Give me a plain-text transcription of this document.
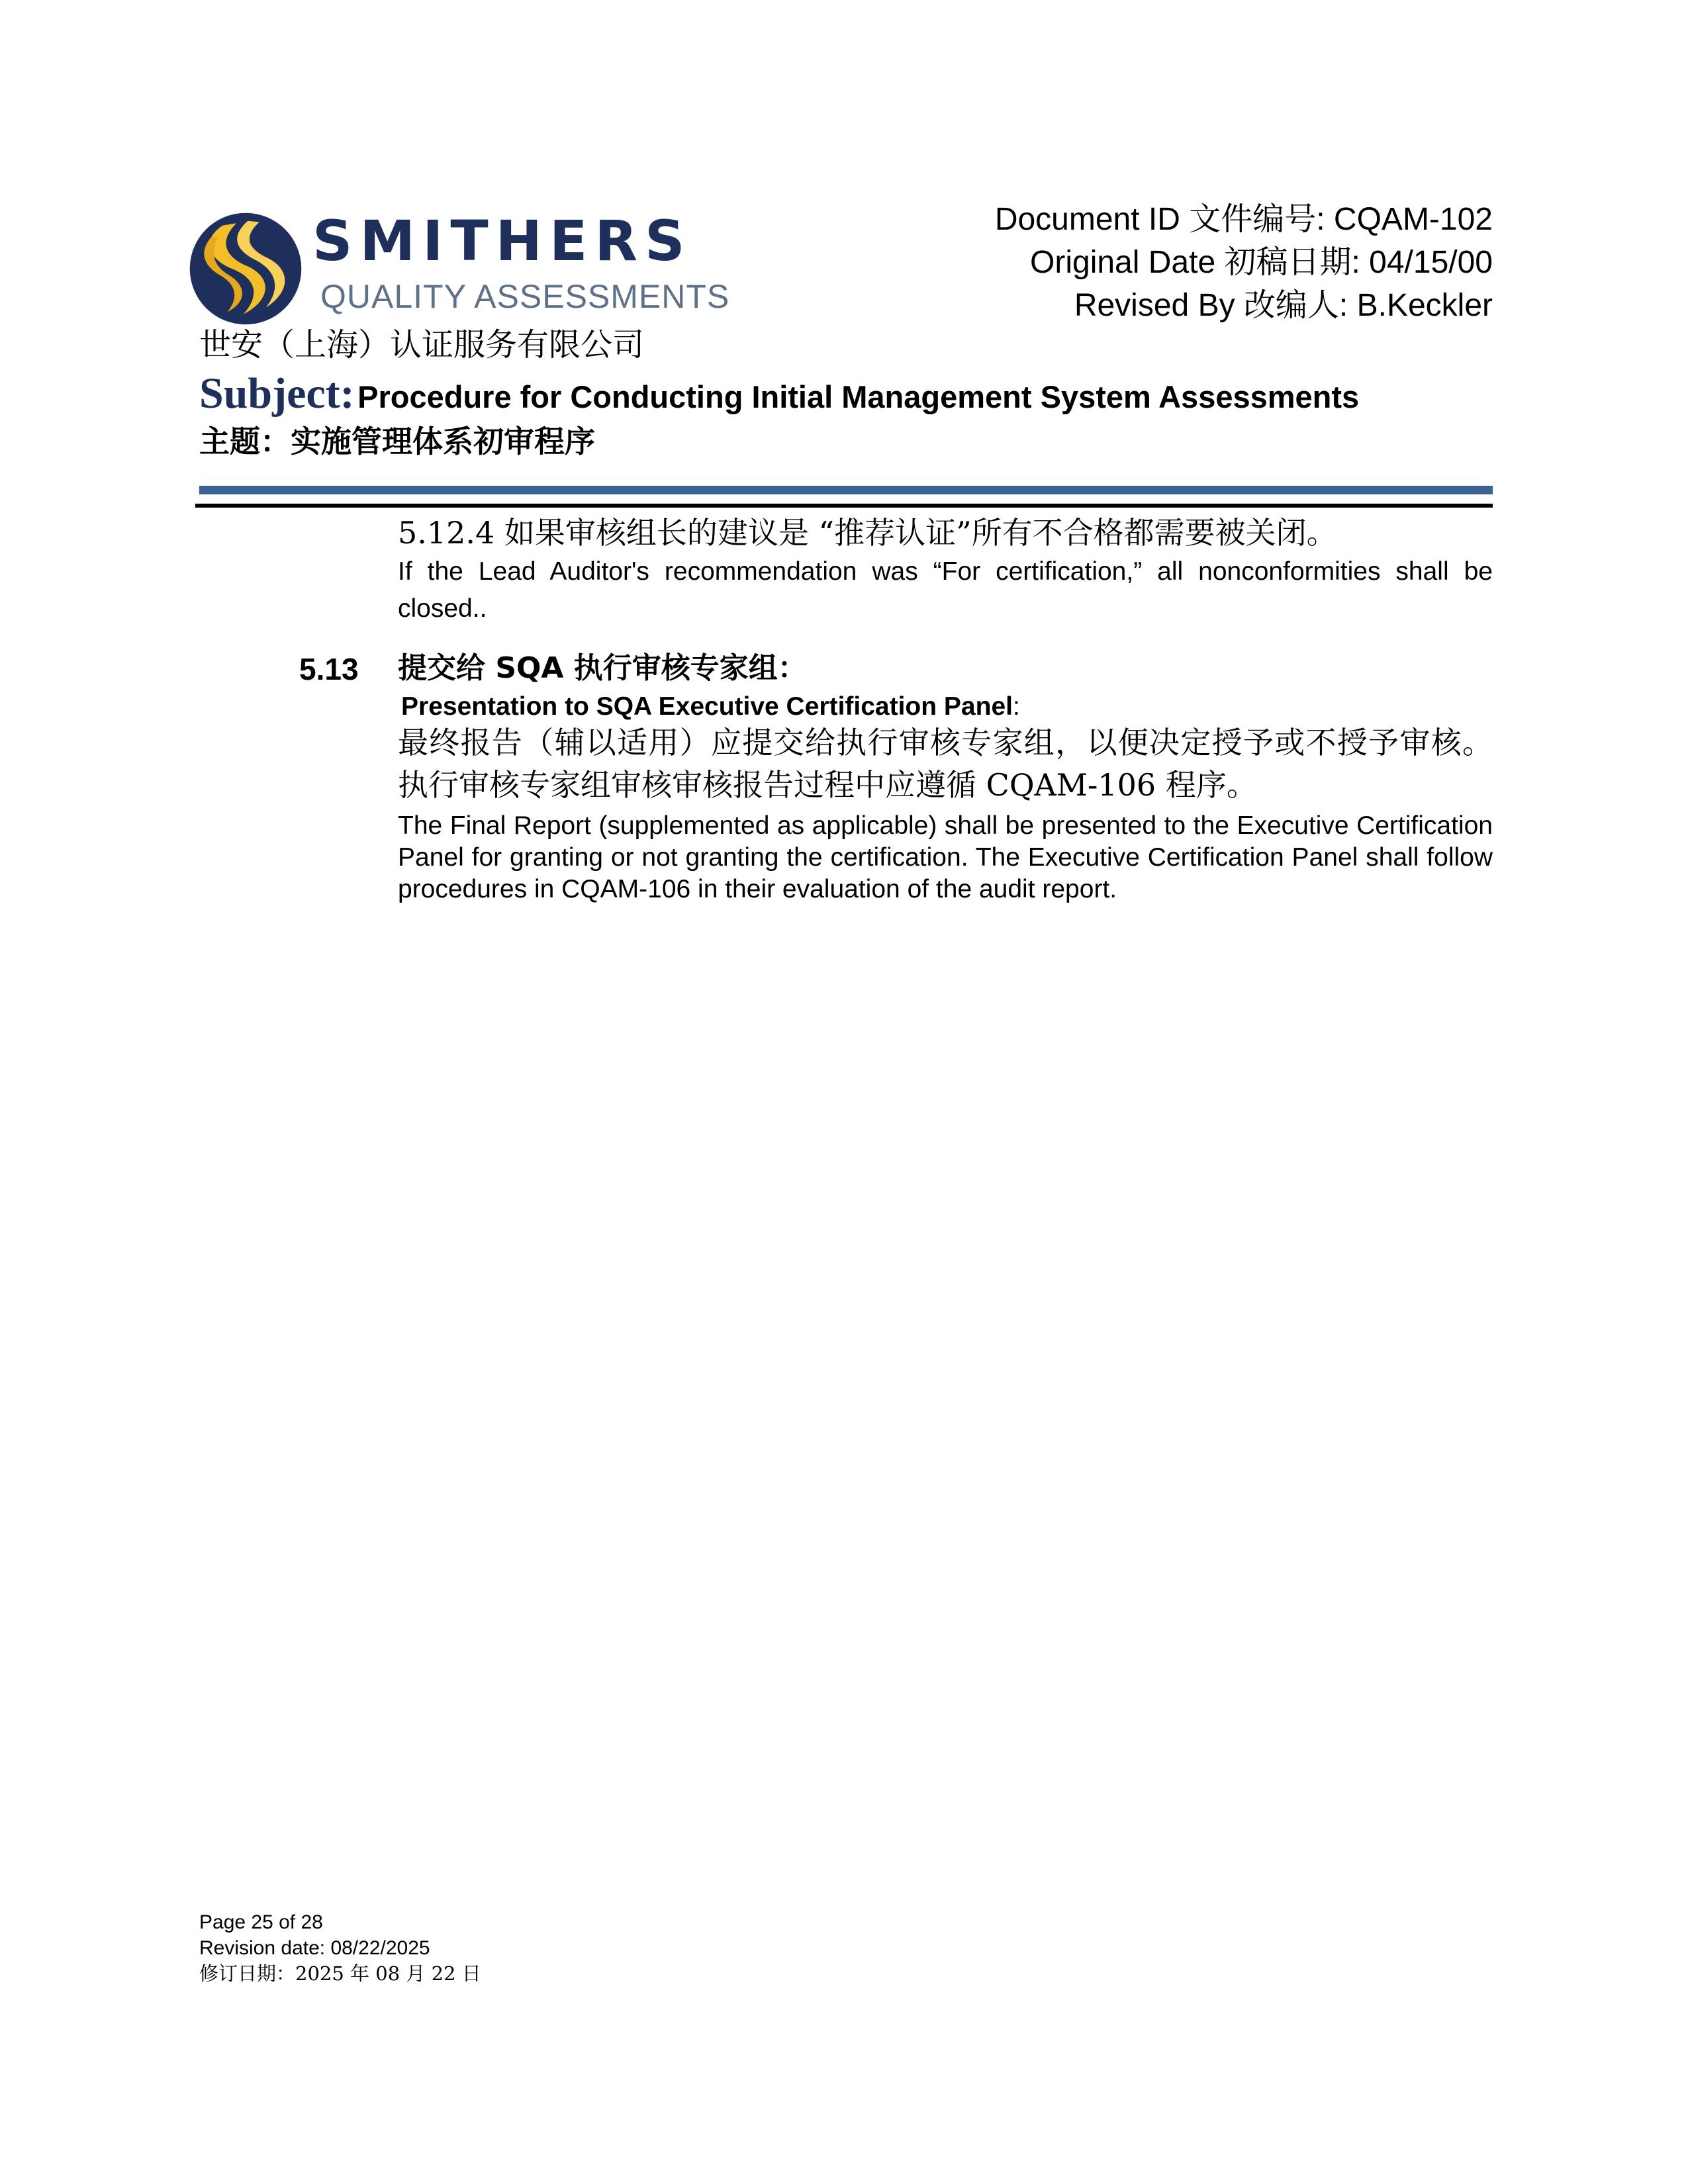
SMITHERS
QUALITY ASSESSMENTS
世安（上海）认证服务有限公司
Document ID 文件编号: CQAM-102
Original Date 初稿日期: 04/15/00
Revised By 改编人: B.Keckler
Subject: Procedure for Conducting Initial Management System Assessments
主题：实施管理体系初审程序
5.12.4 如果审核组长的建议是 “推荐认证”所有不合格都需要被关闭。
If the Lead Auditor's recommendation was “For certification,” all nonconformities shall be closed..
5.13 提交给 SQA 执行审核专家组：
Presentation to SQA Executive Certification Panel:
最终报告（辅以适用）应提交给执行审核专家组，以便决定授予或不授予审核。执行审核专家组审核审核报告过程中应遵循 CQAM-106 程序。
The Final Report (supplemented as applicable) shall be presented to the Executive Certification Panel for granting or not granting the certification. The Executive Certification Panel shall follow procedures in CQAM-106 in their evaluation of the audit report.
Page 25 of 28
Revision date: 08/22/2025
修订日期：2025 年 08 月 22 日
